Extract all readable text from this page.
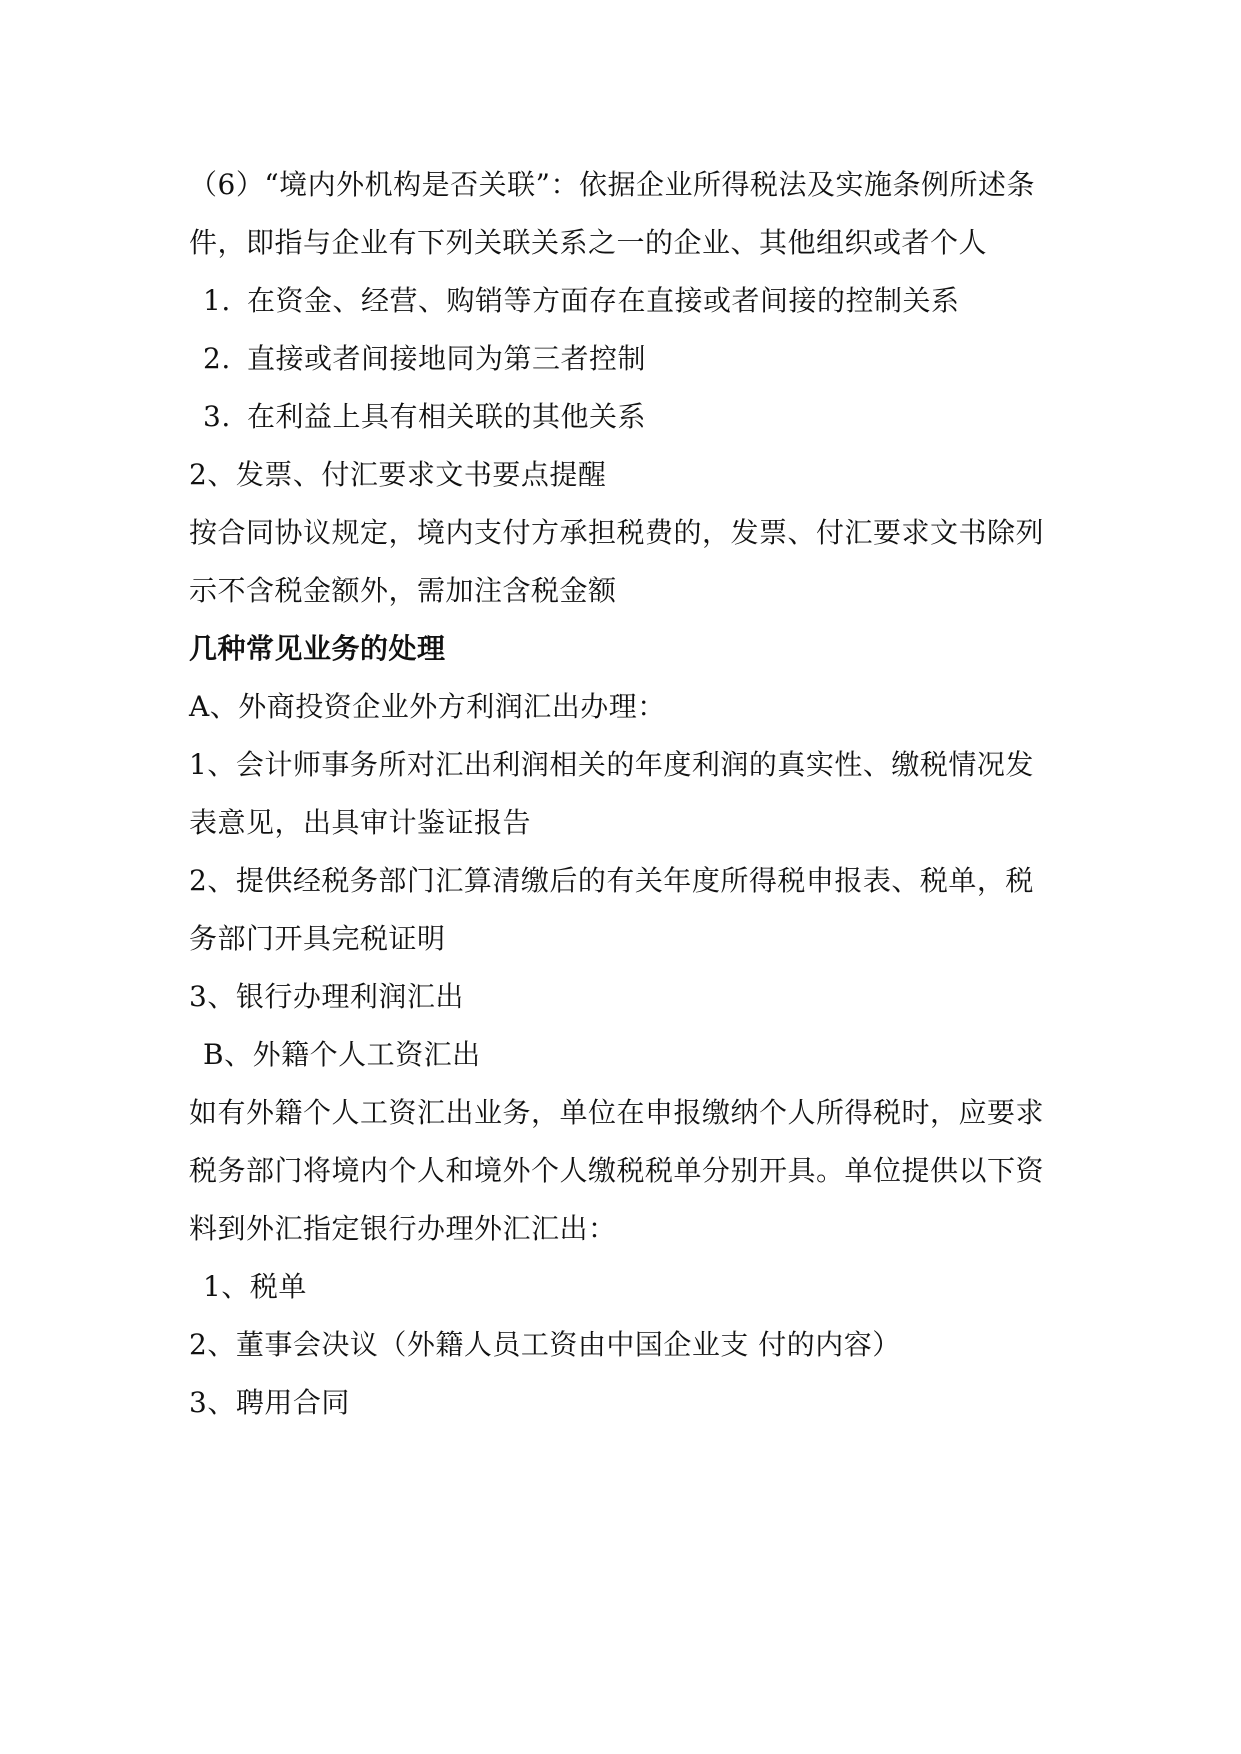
（6）“境内外机构是否关联”：依据企业所得税法及实施条例所述条
件，即指与企业有下列关联关系之一的企业、其他组织或者个人
1. 在资金、经营、购销等方面存在直接或者间接的控制关系
2. 直接或者间接地同为第三者控制
3. 在利益上具有相关联的其他关系
2、发票、付汇要求文书要点提醒
按合同协议规定，境内支付方承担税费的，发票、付汇要求文书除列
示不含税金额外，需加注含税金额
几种常见业务的处理
A、外商投资企业外方利润汇出办理：
1、会计师事务所对汇出利润相关的年度利润的真实性、缴税情况发
表意见，出具审计鉴证报告
2、提供经税务部门汇算清缴后的有关年度所得税申报表、税单，税
务部门开具完税证明
3、银行办理利润汇出
B、外籍个人工资汇出
如有外籍个人工资汇出业务，单位在申报缴纳个人所得税时，应要求
税务部门将境内个人和境外个人缴税税单分别开具。单位提供以下资
料到外汇指定银行办理外汇汇出：
1、税单
2、董事会决议（外籍人员工资由中国企业支 付的内容）
3、聘用合同
